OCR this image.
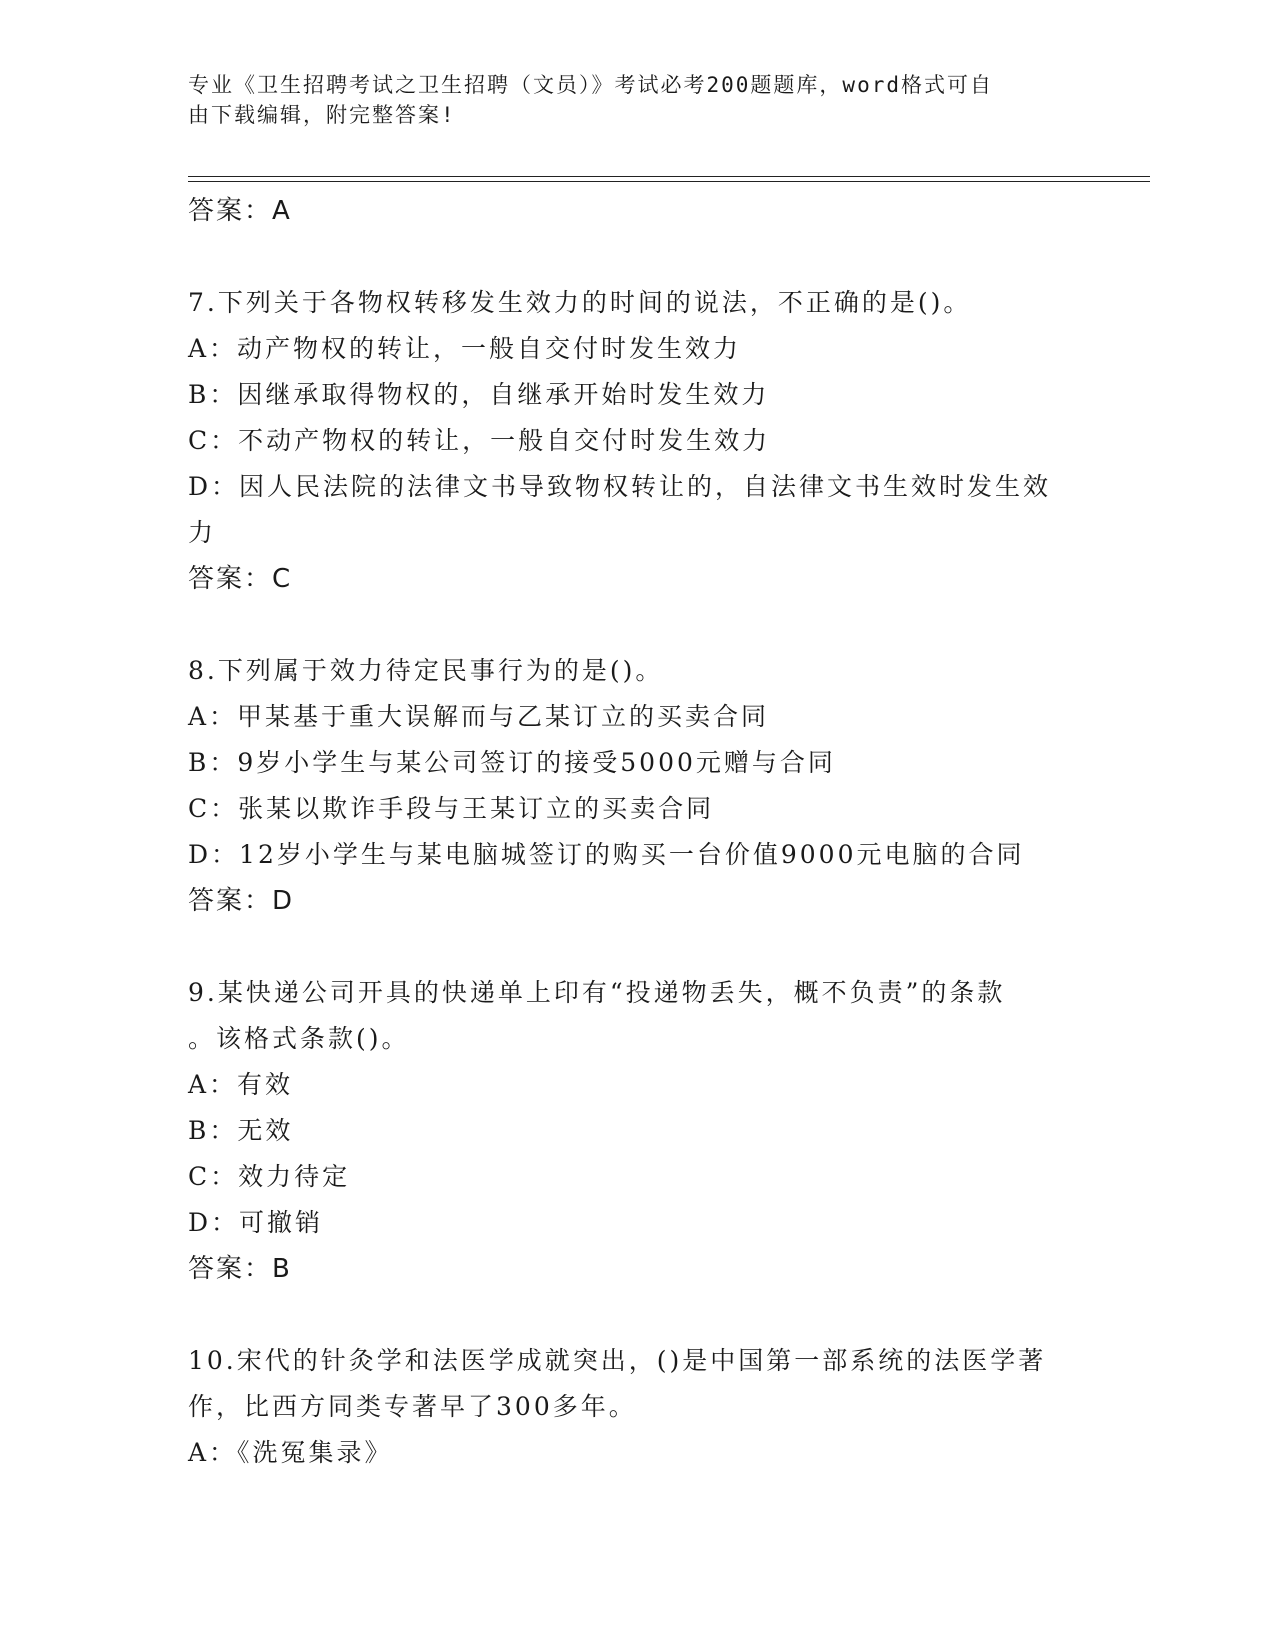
专业《卫生招聘考试之卫生招聘（文员）》考试必考200题题库，word格式可自
由下载编辑，附完整答案!
答案：A
7.下列关于各物权转移发生效力的时间的说法，不正确的是()。
A：动产物权的转让，一般自交付时发生效力
B：因继承取得物权的，自继承开始时发生效力
C：不动产物权的转让，一般自交付时发生效力
D：因人民法院的法律文书导致物权转让的，自法律文书生效时发生效
力
答案：C
8.下列属于效力待定民事行为的是()。
A：甲某基于重大误解而与乙某订立的买卖合同
B：9岁小学生与某公司签订的接受5000元赠与合同
C：张某以欺诈手段与王某订立的买卖合同
D：12岁小学生与某电脑城签订的购买一台价值9000元电脑的合同
答案：D
9.某快递公司开具的快递单上印有“投递物丢失，概不负责”的条款
。该格式条款()。
A：有效
B：无效
C：效力待定
D：可撤销
答案：B
10.宋代的针灸学和法医学成就突出，()是中国第一部系统的法医学著
作，比西方同类专著早了300多年。
A：《洗冤集录》
